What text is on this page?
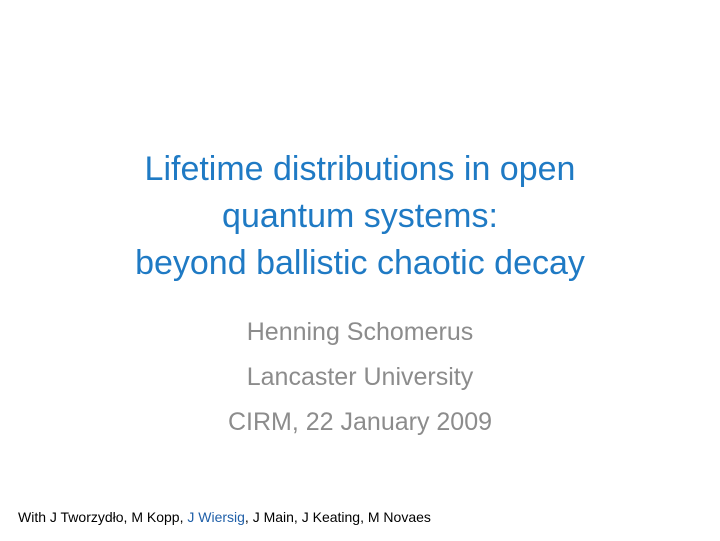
Lifetime distributions in open
quantum systems:
beyond ballistic chaotic decay
Henning Schomerus
Lancaster University
CIRM, 22 January 2009
With J Tworzydło, M Kopp, J Wiersig, J Main, J Keating, M Novaes
